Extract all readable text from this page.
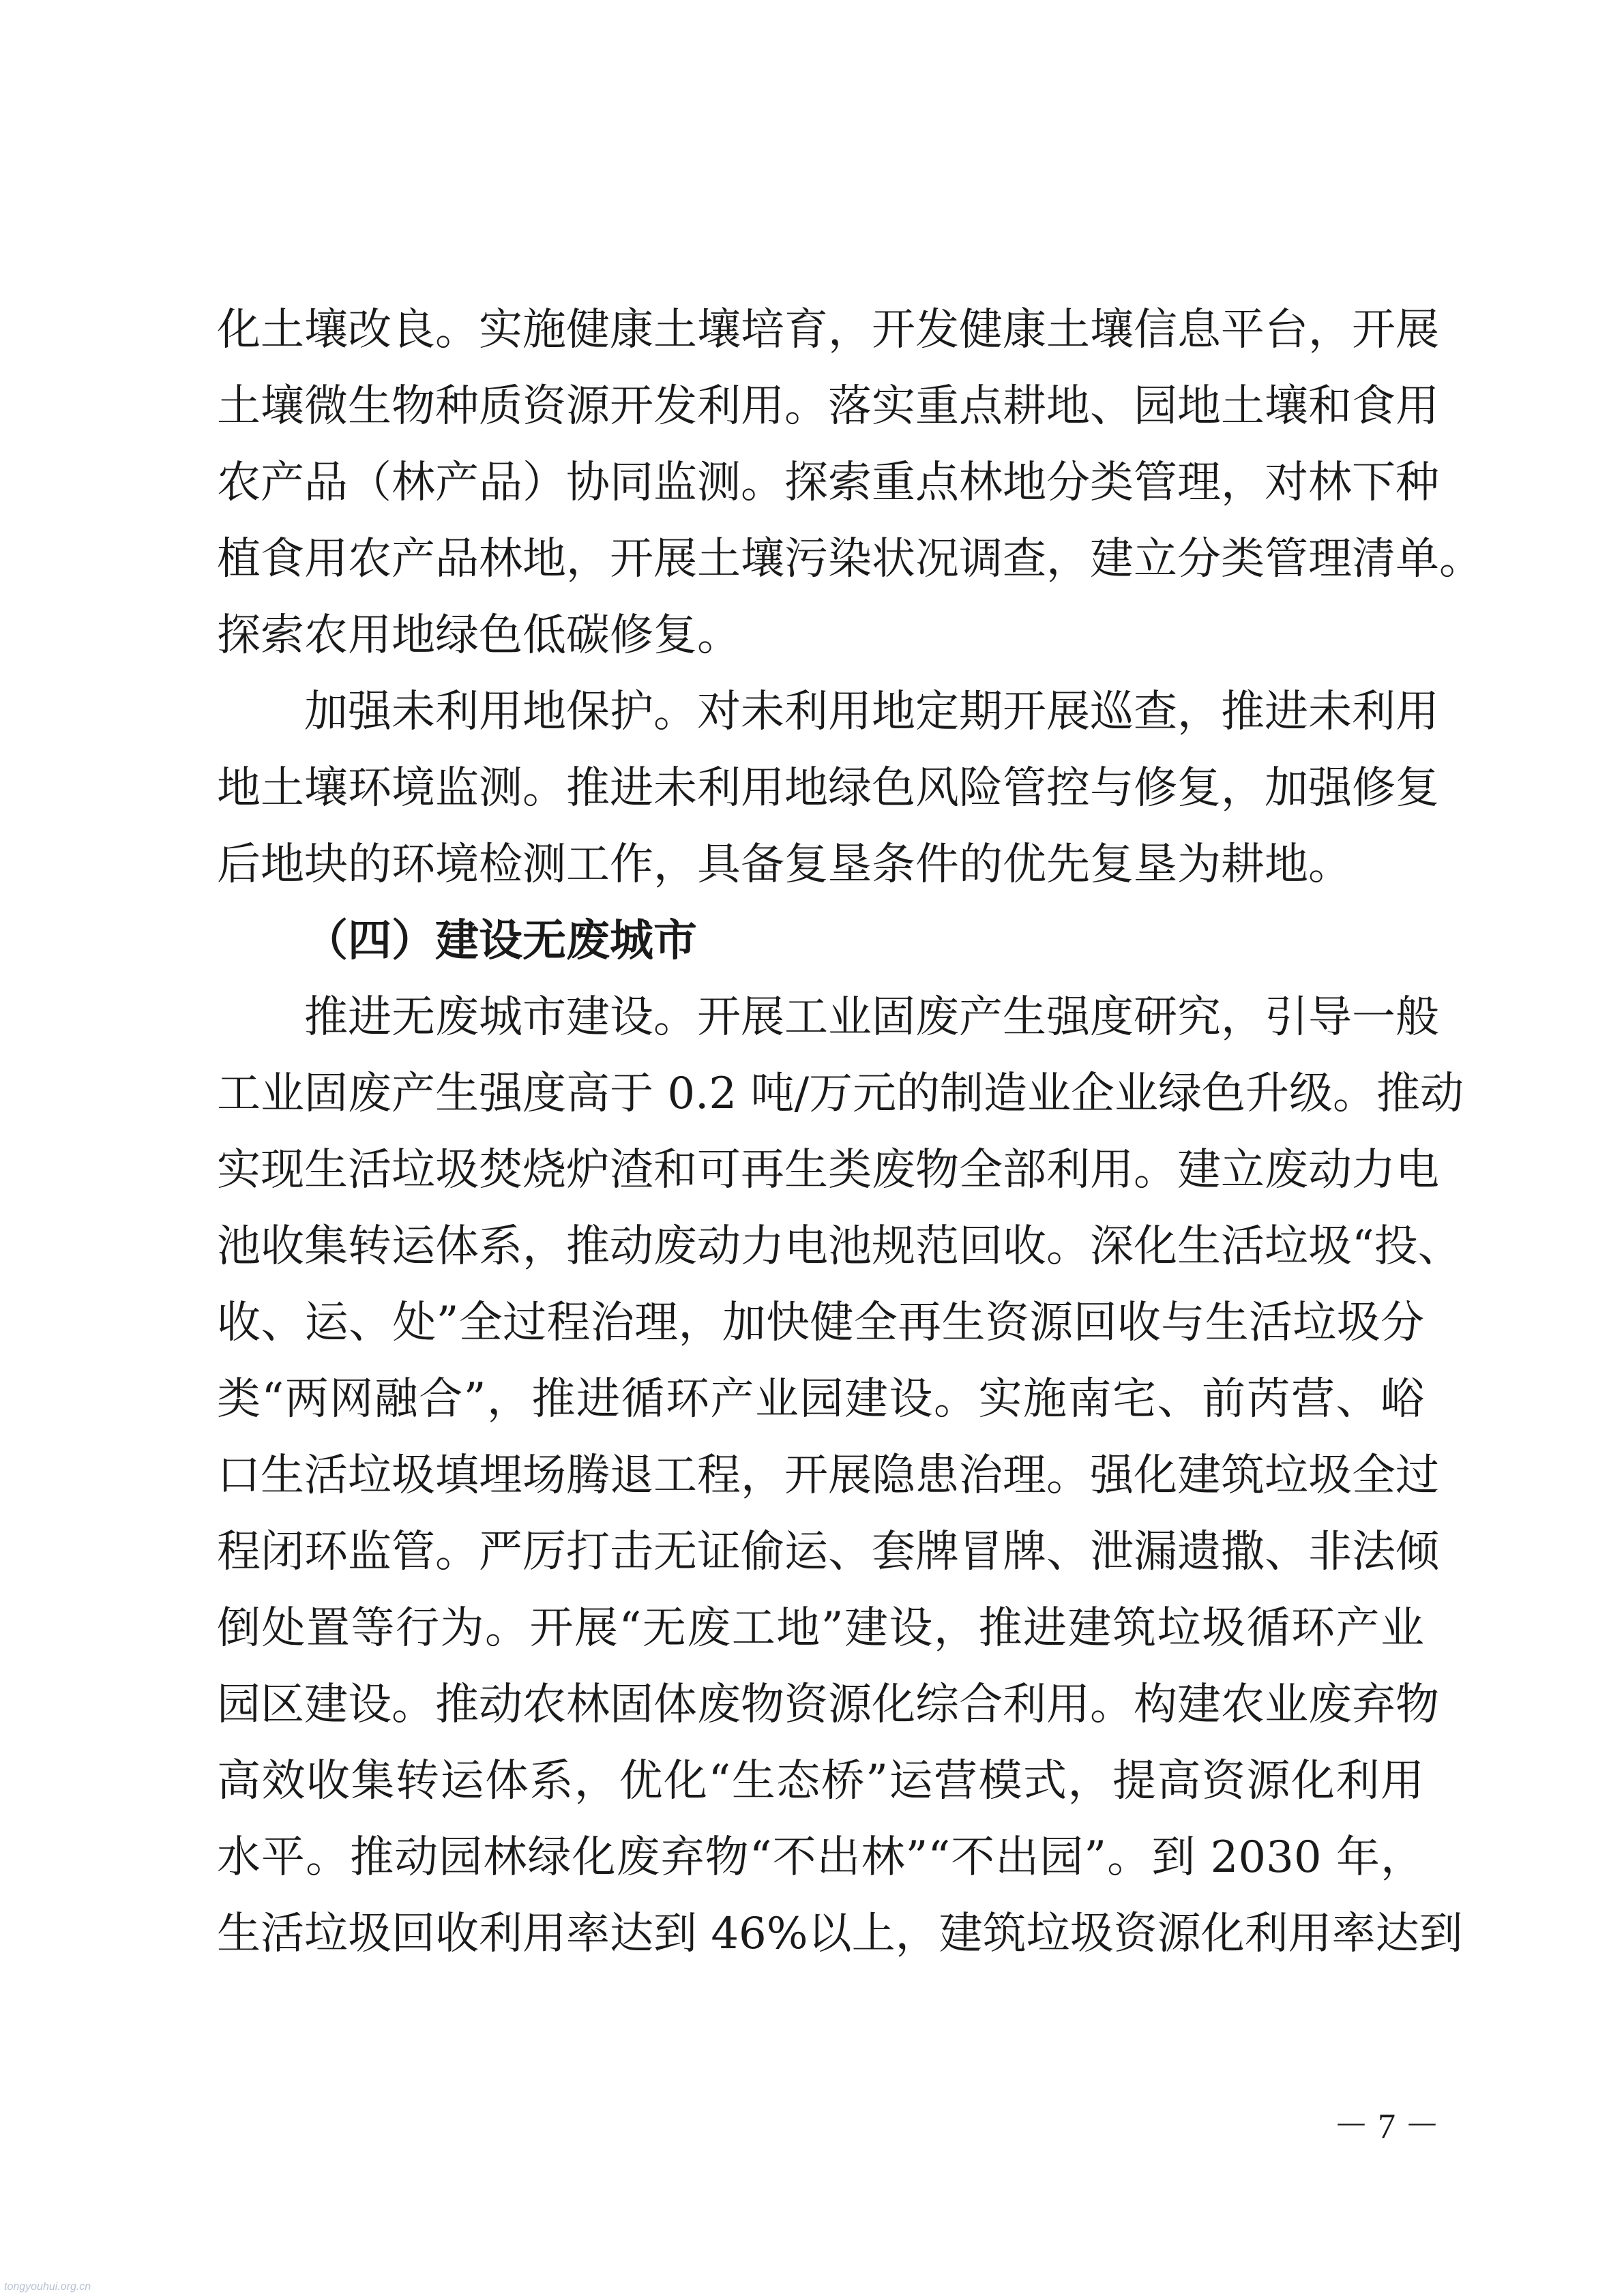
化土壤改良。实施健康土壤培育，开发健康土壤信息平台，开展
土壤微生物种质资源开发利用。落实重点耕地、园地土壤和食用
农产品（林产品）协同监测。探索重点林地分类管理，对林下种
植食用农产品林地，开展土壤污染状况调查，建立分类管理清单。
探索农用地绿色低碳修复。
加强未利用地保护。对未利用地定期开展巡查，推进未利用
地土壤环境监测。推进未利用地绿色风险管控与修复，加强修复
后地块的环境检测工作，具备复垦条件的优先复垦为耕地。
（四）建设无废城市
推进无废城市建设。开展工业固废产生强度研究，引导一般
工业固废产生强度高于 0.2 吨/万元的制造业企业绿色升级。推动
实现生活垃圾焚烧炉渣和可再生类废物全部利用。建立废动力电
池收集转运体系，推动废动力电池规范回收。深化生活垃圾“投、
收、运、处”全过程治理，加快健全再生资源回收与生活垃圾分
类“两网融合”，推进循环产业园建设。实施南宅、前芮营、峪
口生活垃圾填埋场腾退工程，开展隐患治理。强化建筑垃圾全过
程闭环监管。严厉打击无证偷运、套牌冒牌、泄漏遗撒、非法倾
倒处置等行为。开展“无废工地”建设，推进建筑垃圾循环产业
园区建设。推动农林固体废物资源化综合利用。构建农业废弃物
高效收集转运体系，优化“生态桥”运营模式，提高资源化利用
水平。推动园林绿化废弃物“不出林”“不出园”。到 2030 年，
生活垃圾回收利用率达到 46%以上，建筑垃圾资源化利用率达到
－ 7 －
tongyouhui.org.cn
